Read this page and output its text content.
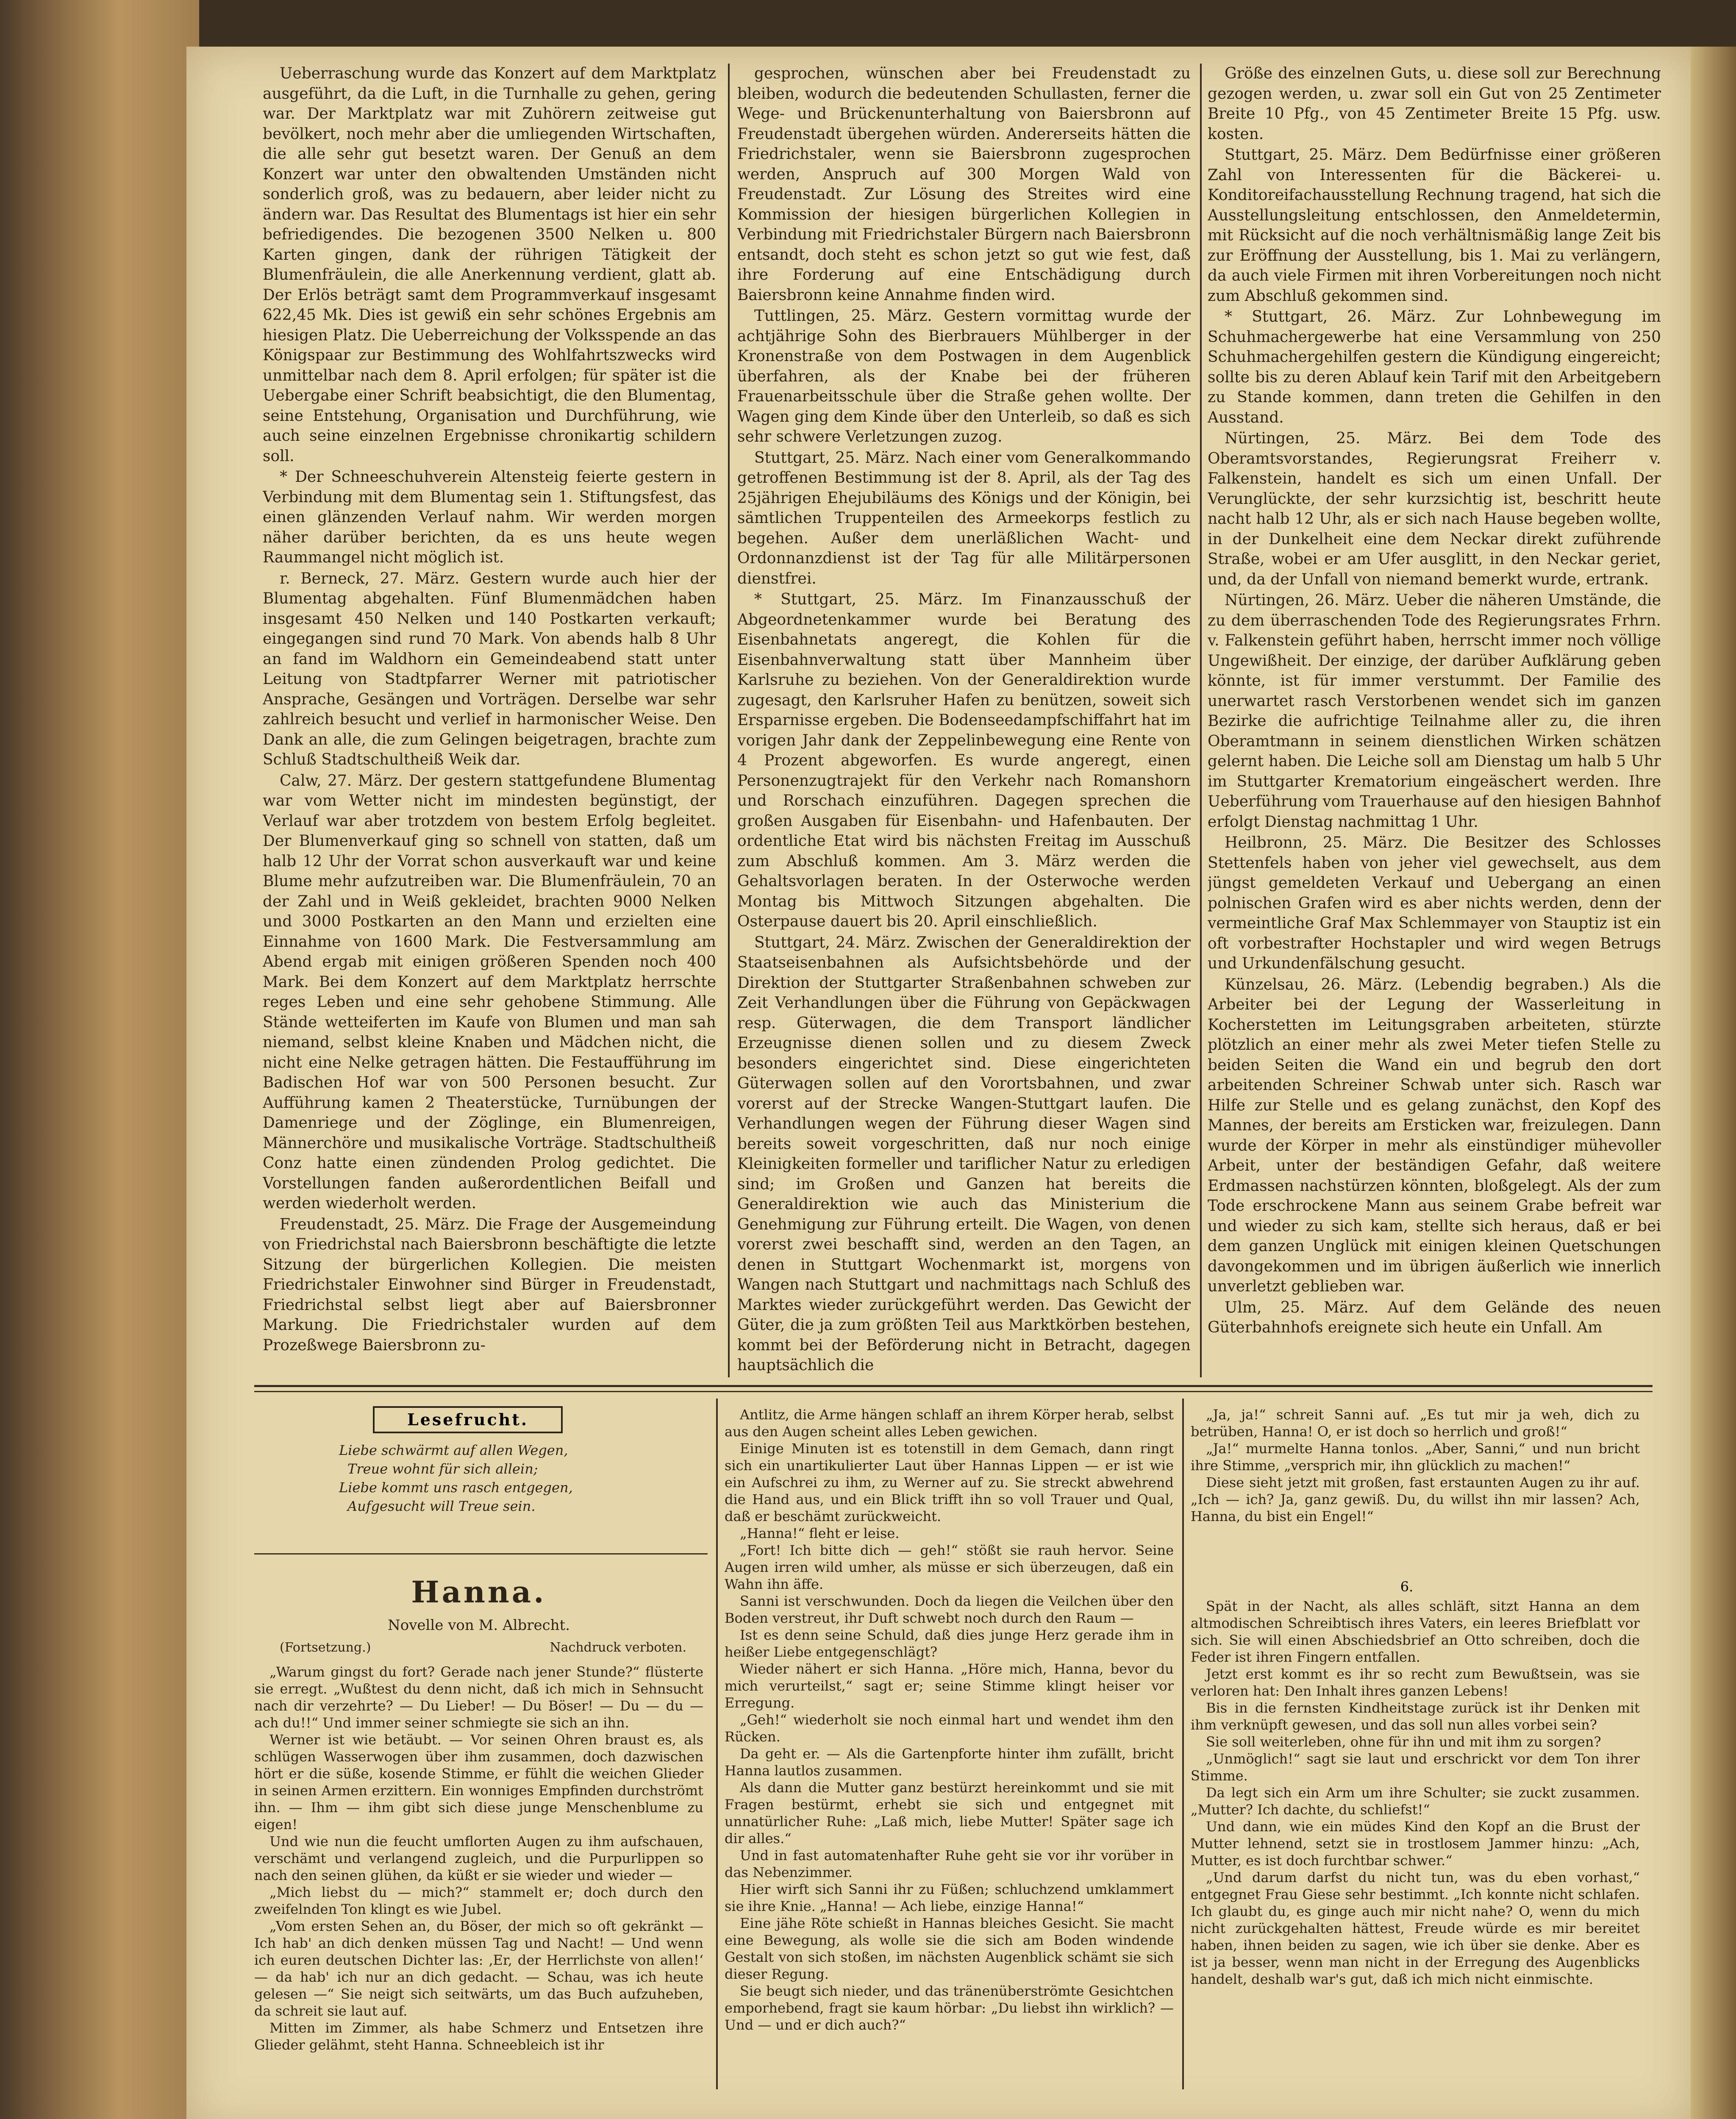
Ueberraschung wurde das Konzert auf dem Marktplatz ausgeführt, da die Luft, in die Turnhalle zu gehen, gering war. Der Marktplatz war mit Zuhörern zeitweise gut bevölkert, noch mehr aber die umliegenden Wirtschaften, die alle sehr gut besetzt waren. Der Genuß an dem Konzert war unter den obwaltenden Umständen nicht sonderlich groß, was zu bedauern, aber leider nicht zu ändern war. Das Resultat des Blumentags ist hier ein sehr befriedigendes. Die bezogenen 3500 Nelken u. 800 Karten gingen, dank der rührigen Tätigkeit der Blumenfräulein, die alle Anerkennung verdient, glatt ab. Der Erlös beträgt samt dem Programmverkauf insgesamt 622,45 Mk. Dies ist gewiß ein sehr schönes Ergebnis am hiesigen Platz. Die Ueberreichung der Volksspende an das Königspaar zur Bestimmung des Wohlfahrtszwecks wird unmittelbar nach dem 8. April erfolgen; für später ist die Uebergabe einer Schrift beabsichtigt, die den Blumentag, seine Entstehung, Organisation und Durchführung, wie auch seine einzelnen Ergebnisse chronikartig schildern soll.

* Der Schneeschuhverein Altensteig feierte gestern in Verbindung mit dem Blumentag sein 1. Stiftungsfest, das einen glänzenden Verlauf nahm. Wir werden morgen näher darüber berichten, da es uns heute wegen Raummangel nicht möglich ist.

r. Berneck, 27. März. Gestern wurde auch hier der Blumentag abgehalten. Fünf Blumenmädchen haben insgesamt 450 Nelken und 140 Postkarten verkauft; eingegangen sind rund 70 Mark. Von abends halb 8 Uhr an fand im Waldhorn ein Gemeindeabend statt unter Leitung von Stadtpfarrer Werner mit patriotischer Ansprache, Gesängen und Vorträgen. Derselbe war sehr zahlreich besucht und verlief in harmonischer Weise. Den Dank an alle, die zum Gelingen beigetragen, brachte zum Schluß Stadtschultheiß Weik dar.

Calw, 27. März. Der gestern stattgefundene Blumentag war vom Wetter nicht im mindesten begünstigt, der Verlauf war aber trotzdem von bestem Erfolg begleitet. Der Blumenverkauf ging so schnell von statten, daß um halb 12 Uhr der Vorrat schon ausverkauft war und keine Blume mehr aufzutreiben war. Die Blumenfräulein, 70 an der Zahl und in Weiß gekleidet, brachten 9000 Nelken und 3000 Postkarten an den Mann und erzielten eine Einnahme von 1600 Mark. Die Festversammlung am Abend ergab mit einigen größeren Spenden noch 400 Mark. Bei dem Konzert auf dem Marktplatz herrschte reges Leben und eine sehr gehobene Stimmung. Alle Stände wetteiferten im Kaufe von Blumen und man sah niemand, selbst kleine Knaben und Mädchen nicht, die nicht eine Nelke getragen hätten. Die Festaufführung im Badischen Hof war von 500 Personen besucht. Zur Aufführung kamen 2 Theaterstücke, Turnübungen der Damenriege und der Zöglinge, ein Blumenreigen, Männerchöre und musikalische Vorträge. Stadtschultheiß Conz hatte einen zündenden Prolog gedichtet. Die Vorstellungen fanden außerordentlichen Beifall und werden wiederholt werden.

Freudenstadt, 25. März. Die Frage der Ausgemeindung von Friedrichstal nach Baiersbronn beschäftigte die letzte Sitzung der bürgerlichen Kollegien. Die meisten Friedrichstaler Einwohner sind Bürger in Freudenstadt, Friedrichstal selbst liegt aber auf Baiersbronner Markung. Die Friedrichstaler wurden auf dem Prozeßwege Baiersbronn zu-

gesprochen, wünschen aber bei Freudenstadt zu bleiben, wodurch die bedeutenden Schullasten, ferner die Wege- und Brückenunterhaltung von Baiersbronn auf Freudenstadt übergehen würden. Andererseits hätten die Friedrichstaler, wenn sie Baiersbronn zugesprochen werden, Anspruch auf 300 Morgen Wald von Freudenstadt. Zur Lösung des Streites wird eine Kommission der hiesigen bürgerlichen Kollegien in Verbindung mit Friedrichstaler Bürgern nach Baiersbronn entsandt, doch steht es schon jetzt so gut wie fest, daß ihre Forderung auf eine Entschädigung durch Baiersbronn keine Annahme finden wird.

Tuttlingen, 25. März. Gestern vormittag wurde der achtjährige Sohn des Bierbrauers Mühlberger in der Kronenstraße von dem Postwagen in dem Augenblick überfahren, als der Knabe bei der früheren Frauenarbeitsschule über die Straße gehen wollte. Der Wagen ging dem Kinde über den Unterleib, so daß es sich sehr schwere Verletzungen zuzog.

Stuttgart, 25. März. Nach einer vom Generalkommando getroffenen Bestimmung ist der 8. April, als der Tag des 25jährigen Ehejubiläums des Königs und der Königin, bei sämtlichen Truppenteilen des Armeekorps festlich zu begehen. Außer dem unerläßlichen Wacht- und Ordonnanzdienst ist der Tag für alle Militärpersonen dienstfrei.

* Stuttgart, 25. März. Im Finanzausschuß der Abgeordnetenkammer wurde bei Beratung des Eisenbahnetats angeregt, die Kohlen für die Eisenbahnverwaltung statt über Mannheim über Karlsruhe zu beziehen. Von der Generaldirektion wurde zugesagt, den Karlsruher Hafen zu benützen, soweit sich Ersparnisse ergeben. Die Bodenseedampfschiffahrt hat im vorigen Jahr dank der Zeppelinbewegung eine Rente von 4 Prozent abgeworfen. Es wurde angeregt, einen Personenzugtrajekt für den Verkehr nach Romanshorn und Rorschach einzuführen. Dagegen sprechen die großen Ausgaben für Eisenbahn- und Hafenbauten. Der ordentliche Etat wird bis nächsten Freitag im Ausschuß zum Abschluß kommen. Am 3. März werden die Gehaltsvorlagen beraten. In der Osterwoche werden Montag bis Mittwoch Sitzungen abgehalten. Die Osterpause dauert bis 20. April einschließlich.

Stuttgart, 24. März. Zwischen der Generaldirektion der Staatseisenbahnen als Aufsichtsbehörde und der Direktion der Stuttgarter Straßenbahnen schweben zur Zeit Verhandlungen über die Führung von Gepäckwagen resp. Güterwagen, die dem Transport ländlicher Erzeugnisse dienen sollen und zu diesem Zweck besonders eingerichtet sind. Diese eingerichteten Güterwagen sollen auf den Vorortsbahnen, und zwar vorerst auf der Strecke Wangen-Stuttgart laufen. Die Verhandlungen wegen der Führung dieser Wagen sind bereits soweit vorgeschritten, daß nur noch einige Kleinigkeiten formeller und tariflicher Natur zu erledigen sind; im Großen und Ganzen hat bereits die Generaldirektion wie auch das Ministerium die Genehmigung zur Führung erteilt. Die Wagen, von denen vorerst zwei beschafft sind, werden an den Tagen, an denen in Stuttgart Wochenmarkt ist, morgens von Wangen nach Stuttgart und nachmittags nach Schluß des Marktes wieder zurückgeführt werden. Das Gewicht der Güter, die ja zum größten Teil aus Marktkörben bestehen, kommt bei der Beförderung nicht in Betracht, dagegen hauptsächlich die

Größe des einzelnen Guts, u. diese soll zur Berechnung gezogen werden, u. zwar soll ein Gut von 25 Zentimeter Breite 10 Pfg., von 45 Zentimeter Breite 15 Pfg. usw. kosten.

Stuttgart, 25. März. Dem Bedürfnisse einer größeren Zahl von Interessenten für die Bäckerei- u. Konditoreifachausstellung Rechnung tragend, hat sich die Ausstellungsleitung entschlossen, den Anmeldetermin, mit Rücksicht auf die noch verhältnismäßig lange Zeit bis zur Eröffnung der Ausstellung, bis 1. Mai zu verlängern, da auch viele Firmen mit ihren Vorbereitungen noch nicht zum Abschluß gekommen sind.

* Stuttgart, 26. März. Zur Lohnbewegung im Schuhmachergewerbe hat eine Versammlung von 250 Schuhmachergehilfen gestern die Kündigung eingereicht; sollte bis zu deren Ablauf kein Tarif mit den Arbeitgebern zu Stande kommen, dann treten die Gehilfen in den Ausstand.

Nürtingen, 25. März. Bei dem Tode des Oberamtsvorstandes, Regierungsrat Freiherr v. Falkenstein, handelt es sich um einen Unfall. Der Verunglückte, der sehr kurzsichtig ist, beschritt heute nacht halb 12 Uhr, als er sich nach Hause begeben wollte, in der Dunkelheit eine dem Neckar direkt zuführende Straße, wobei er am Ufer ausglitt, in den Neckar geriet, und, da der Unfall von niemand bemerkt wurde, ertrank.

Nürtingen, 26. März. Ueber die näheren Umstände, die zu dem überraschenden Tode des Regierungsrates Frhrn. v. Falkenstein geführt haben, herrscht immer noch völlige Ungewißheit. Der einzige, der darüber Aufklärung geben könnte, ist für immer verstummt. Der Familie des unerwartet rasch Verstorbenen wendet sich im ganzen Bezirke die aufrichtige Teilnahme aller zu, die ihren Oberamtmann in seinem dienstlichen Wirken schätzen gelernt haben. Die Leiche soll am Dienstag um halb 5 Uhr im Stuttgarter Krematorium eingeäschert werden. Ihre Ueberführung vom Trauerhause auf den hiesigen Bahnhof erfolgt Dienstag nachmittag 1 Uhr.

Heilbronn, 25. März. Die Besitzer des Schlosses Stettenfels haben von jeher viel gewechselt, aus dem jüngst gemeldeten Verkauf und Uebergang an einen polnischen Grafen wird es aber nichts werden, denn der vermeintliche Graf Max Schlemmayer von Stauptiz ist ein oft vorbestrafter Hochstapler und wird wegen Betrugs und Urkundenfälschung gesucht.

Künzelsau, 26. März. (Lebendig begraben.) Als die Arbeiter bei der Legung der Wasserleitung in Kocherstetten im Leitungsgraben arbeiteten, stürzte plötzlich an einer mehr als zwei Meter tiefen Stelle zu beiden Seiten die Wand ein und begrub den dort arbeitenden Schreiner Schwab unter sich. Rasch war Hilfe zur Stelle und es gelang zunächst, den Kopf des Mannes, der bereits am Ersticken war, freizulegen. Dann wurde der Körper in mehr als einstündiger mühevoller Arbeit, unter der beständigen Gefahr, daß weitere Erdmassen nachstürzen könnten, bloßgelegt. Als der zum Tode erschrockene Mann aus seinem Grabe befreit war und wieder zu sich kam, stellte sich heraus, daß er bei dem ganzen Unglück mit einigen kleinen Quetschungen davongekommen und im übrigen äußerlich wie innerlich unverletzt geblieben war.

Ulm, 25. März. Auf dem Gelände des neuen Güterbahnhofs ereignete sich heute ein Unfall. Am

Lesefrucht.
Liebe schwärmt auf allen Wegen,
Treue wohnt für sich allein;
Liebe kommt uns rasch entgegen,
Aufgesucht will Treue sein.
Hanna.
Novelle von M. Albrecht.
(Fortsetzung.)	Nachdruck verboten.

„Warum gingst du fort? Gerade nach jener Stunde?“ flüsterte sie erregt. „Wußtest du denn nicht, daß ich mich in Sehnsucht nach dir verzehrte? — Du Lieber! — Du Böser! — Du — du — ach du!!“ Und immer seiner schmiegte sie sich an ihn.

Werner ist wie betäubt. — Vor seinen Ohren braust es, als schlügen Wasserwogen über ihm zusammen, doch dazwischen hört er die süße, kosende Stimme, er fühlt die weichen Glieder in seinen Armen erzittern. Ein wonniges Empfinden durchströmt ihn. — Ihm — ihm gibt sich diese junge Menschenblume zu eigen!

Und wie nun die feucht umflorten Augen zu ihm aufschauen, verschämt und verlangend zugleich, und die Purpurlippen so nach den seinen glühen, da küßt er sie wieder und wieder —

„Mich liebst du — mich?“ stammelt er; doch durch den zweifelnden Ton klingt es wie Jubel.

„Vom ersten Sehen an, du Böser, der mich so oft gekränkt — Ich hab' an dich denken müssen Tag und Nacht! — Und wenn ich euren deutschen Dichter las: ‚Er, der Herrlichste von allen!‘ — da hab' ich nur an dich gedacht. — Schau, was ich heute gelesen —“ Sie neigt sich seitwärts, um das Buch aufzuheben, da schreit sie laut auf.

Mitten im Zimmer, als habe Schmerz und Entsetzen ihre Glieder gelähmt, steht Hanna. Schneebleich ist ihr

Antlitz, die Arme hängen schlaff an ihrem Körper herab, selbst aus den Augen scheint alles Leben gewichen.

Einige Minuten ist es totenstill in dem Gemach, dann ringt sich ein unartikulierter Laut über Hannas Lippen — er ist wie ein Aufschrei zu ihm, zu Werner auf zu. Sie streckt abwehrend die Hand aus, und ein Blick trifft ihn so voll Trauer und Qual, daß er beschämt zurückweicht.

„Hanna!“ fleht er leise.

„Fort! Ich bitte dich — geh!“ stößt sie rauh hervor. Seine Augen irren wild umher, als müsse er sich überzeugen, daß ein Wahn ihn äffe.

Sanni ist verschwunden. Doch da liegen die Veilchen über den Boden verstreut, ihr Duft schwebt noch durch den Raum —

Ist es denn seine Schuld, daß dies junge Herz gerade ihm in heißer Liebe entgegenschlägt?

Wieder nähert er sich Hanna. „Höre mich, Hanna, bevor du mich verurteilst,“ sagt er; seine Stimme klingt heiser vor Erregung.

„Geh!“ wiederholt sie noch einmal hart und wendet ihm den Rücken.

Da geht er. — Als die Gartenpforte hinter ihm zufällt, bricht Hanna lautlos zusammen.

Als dann die Mutter ganz bestürzt hereinkommt und sie mit Fragen bestürmt, erhebt sie sich und entgegnet mit unnatürlicher Ruhe: „Laß mich, liebe Mutter! Später sage ich dir alles.“

Und in fast automatenhafter Ruhe geht sie vor ihr vorüber in das Nebenzimmer.

Hier wirft sich Sanni ihr zu Füßen; schluchzend umklammert sie ihre Knie. „Hanna! — Ach liebe, einzige Hanna!“

Eine jähe Röte schießt in Hannas bleiches Gesicht. Sie macht eine Bewegung, als wolle sie die sich am Boden windende Gestalt von sich stoßen, im nächsten Augenblick schämt sie sich dieser Regung.

Sie beugt sich nieder, und das tränenüberströmte Gesichtchen emporhebend, fragt sie kaum hörbar: „Du liebst ihn wirklich? — Und — und er dich auch?“

„Ja, ja!“ schreit Sanni auf. „Es tut mir ja weh, dich zu betrüben, Hanna! O, er ist doch so herrlich und groß!“

„Ja!“ murmelte Hanna tonlos. „Aber, Sanni,“ und nun bricht ihre Stimme, „versprich mir, ihn glücklich zu machen!“

Diese sieht jetzt mit großen, fast erstaunten Augen zu ihr auf. „Ich — ich? Ja, ganz gewiß. Du, du willst ihn mir lassen? Ach, Hanna, du bist ein Engel!“

6.

Spät in der Nacht, als alles schläft, sitzt Hanna an dem altmodischen Schreibtisch ihres Vaters, ein leeres Briefblatt vor sich. Sie will einen Abschiedsbrief an Otto schreiben, doch die Feder ist ihren Fingern entfallen.

Jetzt erst kommt es ihr so recht zum Bewußtsein, was sie verloren hat: Den Inhalt ihres ganzen Lebens!

Bis in die fernsten Kindheitstage zurück ist ihr Denken mit ihm verknüpft gewesen, und das soll nun alles vorbei sein?

Sie soll weiterleben, ohne für ihn und mit ihm zu sorgen?

„Unmöglich!“ sagt sie laut und erschrickt vor dem Ton ihrer Stimme.

Da legt sich ein Arm um ihre Schulter; sie zuckt zusammen. „Mutter? Ich dachte, du schliefst!“

Und dann, wie ein müdes Kind den Kopf an die Brust der Mutter lehnend, setzt sie in trostlosem Jammer hinzu: „Ach, Mutter, es ist doch furchtbar schwer.“

„Und darum darfst du nicht tun, was du eben vorhast,“ entgegnet Frau Giese sehr bestimmt. „Ich konnte nicht schlafen. Ich glaubt du, es ginge auch mir nicht nahe? O, wenn du mich nicht zurückgehalten hättest, Freude würde es mir bereitet haben, ihnen beiden zu sagen, wie ich über sie denke. Aber es ist ja besser, wenn man nicht in der Erregung des Augenblicks handelt, deshalb war's gut, daß ich mich nicht einmischte.
